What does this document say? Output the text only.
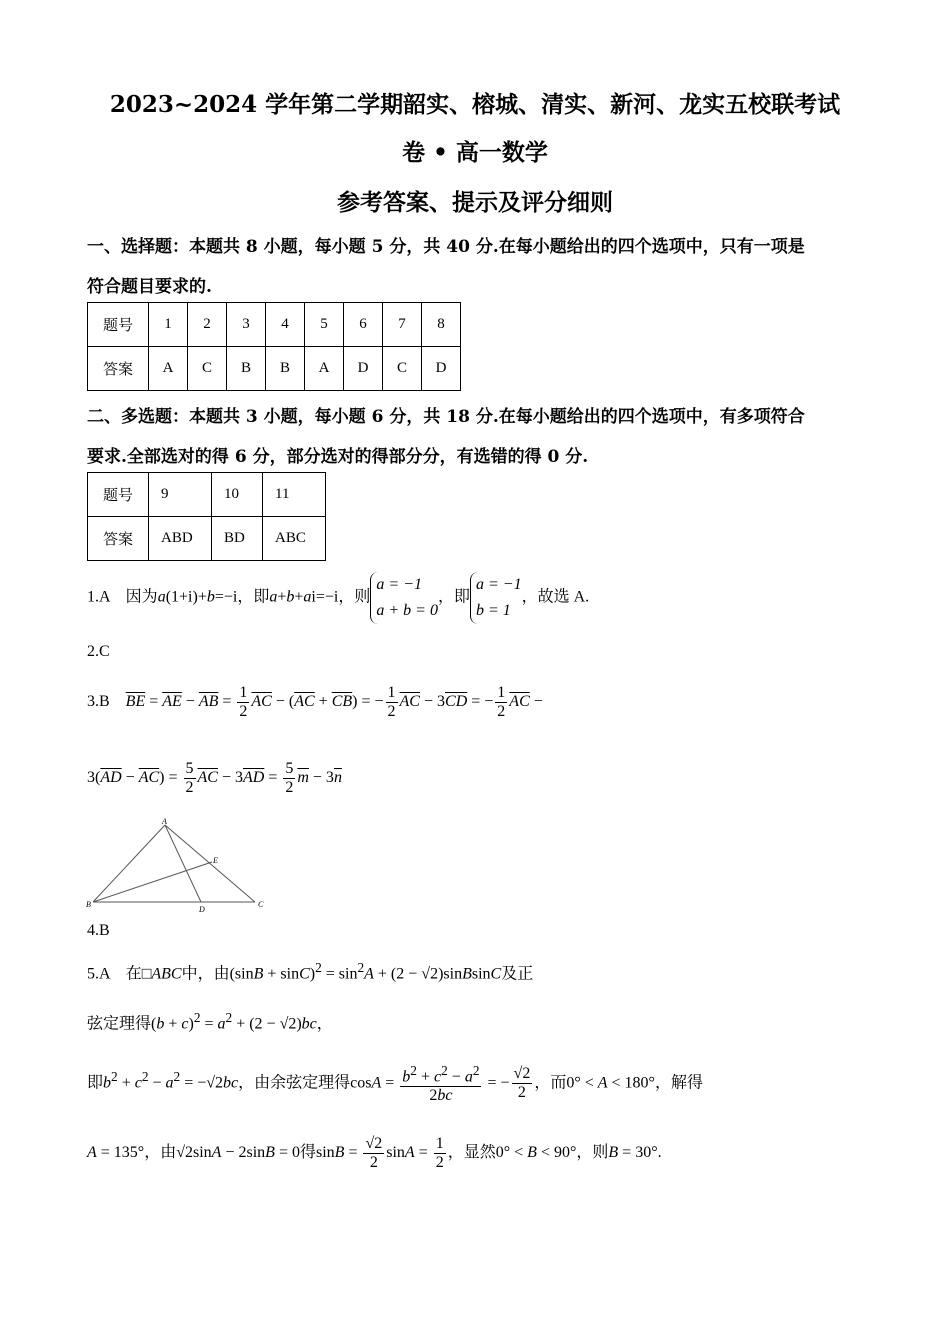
2023~2024 学年第二学期韶实、榕城、清实、新河、龙实五校联考试
卷 • 高一数学
参考答案、提示及评分细则
一、选择题：本题共 8 小题，每小题 5 分，共 40 分.在每小题给出的四个选项中，只有一项是
符合题目要求的.
题号	1	2	3	4	5	6	7	8
答案	A	C	B	B	A	D	C	D
二、多选题：本题共 3 小题，每小题 6 分，共 18 分.在每小题给出的四个选项中，有多项符合
要求.全部选对的得 6 分，部分选对的得部分分，有选错的得 0 分.
题号	9	10	11
答案	ABD	BD	ABC
1.A 因为a(1+i)+b=−i，即a+b+ai=−i，则a = −1
a + b = 0，即a = −1
b = 1，故选 A.
2.C
3.B $\overline{BE} = \overline{AE} - \overline{AB} = \frac{1}{2} \overline{AC} - (\overline{AC} + \overline{CB})$ = − $\frac{1}{2} \overline{AC} - 3\overline{CD}$ = − $\frac{1}{2} \overline{AC}$ −
$3(\overline{AD} - \overline{AC}) = \frac{5}{2} \overline{AC} - 3\overline{AD} = \frac{5}{2} \overline{m} - 3\overline{n}$
A
B	C
D
E
4.B
5.A 在□ABC中，由$(\sin B + \sin C)^2 = \sin^2A + (2$ − √2)sinBsinC及正
弦定理得$(b + c)^2 = a^2 + (2 - √2)bc$，
即$b^2 + c^2 - a^2 = -√2bc$，由余弦定理得$\cos A = \frac{b^2 + c^2 - a^2}{2bc}$ = − $\frac{√2}{2}$ ，而0° < A < 180°，解得
A = 135°，由√2sinA − 2sinB = 0得$\sin B = \frac{√2}{2}$ $\sin A = \frac{1}{2}$ ，显然0° < B < 90°，则B = 30°.
